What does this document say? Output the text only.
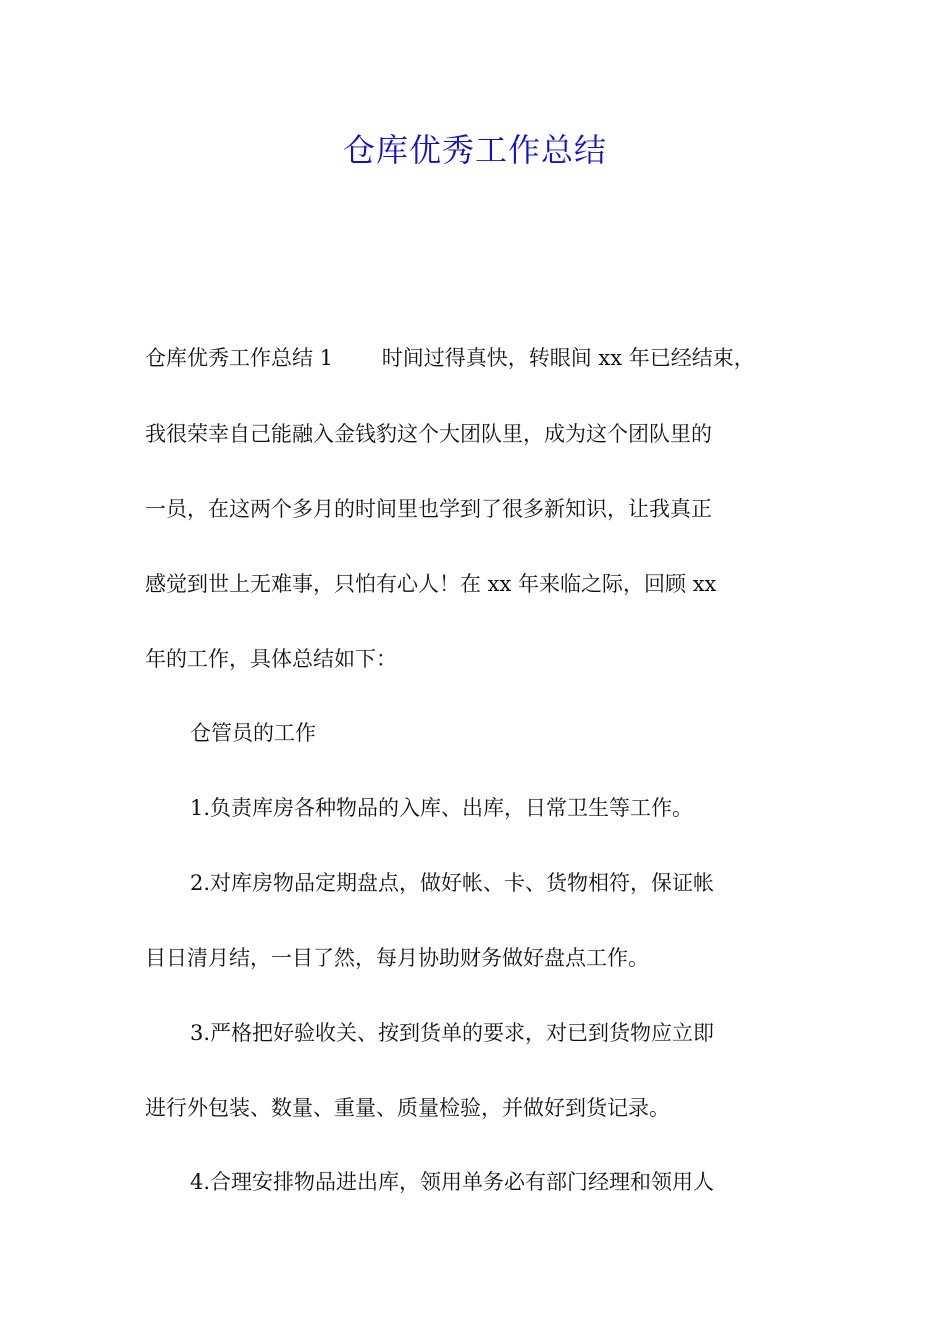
仓库优秀工作总结
仓库优秀工作总结 1　　 时间过得真快，转眼间 xx 年已经结束，
我很荣幸自己能融入金钱豹这个大团队里，成为这个团队里的
一员，在这两个多月的时间里也学到了很多新知识，让我真正
感觉到世上无难事，只怕有心人！在 xx 年来临之际，回顾 xx
年的工作，具体总结如下：
仓管员的工作
1.负责库房各种物品的入库、出库，日常卫生等工作。
2.对库房物品定期盘点，做好帐、卡、货物相符，保证帐
目日清月结，一目了然，每月协助财务做好盘点工作。
3.严格把好验收关、按到货单的要求，对已到货物应立即
进行外包装、数量、重量、质量检验，并做好到货记录。
4.合理安排物品进出库，领用单务必有部门经理和领用人
